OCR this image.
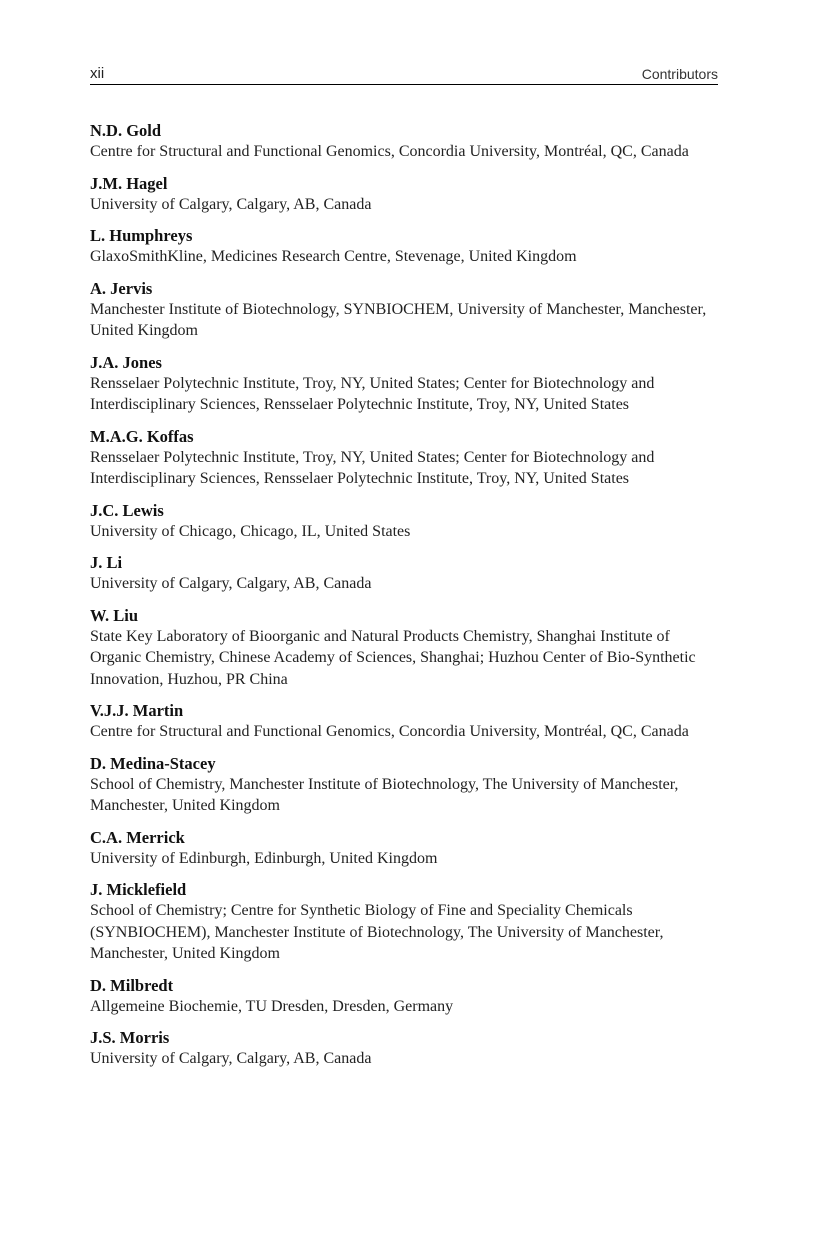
xii	Contributors
N.D. Gold
Centre for Structural and Functional Genomics, Concordia University, Montréal, QC, Canada
J.M. Hagel
University of Calgary, Calgary, AB, Canada
L. Humphreys
GlaxoSmithKline, Medicines Research Centre, Stevenage, United Kingdom
A. Jervis
Manchester Institute of Biotechnology, SYNBIOCHEM, University of Manchester, Manchester, United Kingdom
J.A. Jones
Rensselaer Polytechnic Institute, Troy, NY, United States; Center for Biotechnology and Interdisciplinary Sciences, Rensselaer Polytechnic Institute, Troy, NY, United States
M.A.G. Koffas
Rensselaer Polytechnic Institute, Troy, NY, United States; Center for Biotechnology and Interdisciplinary Sciences, Rensselaer Polytechnic Institute, Troy, NY, United States
J.C. Lewis
University of Chicago, Chicago, IL, United States
J. Li
University of Calgary, Calgary, AB, Canada
W. Liu
State Key Laboratory of Bioorganic and Natural Products Chemistry, Shanghai Institute of Organic Chemistry, Chinese Academy of Sciences, Shanghai; Huzhou Center of Bio-Synthetic Innovation, Huzhou, PR China
V.J.J. Martin
Centre for Structural and Functional Genomics, Concordia University, Montréal, QC, Canada
D. Medina-Stacey
School of Chemistry, Manchester Institute of Biotechnology, The University of Manchester, Manchester, United Kingdom
C.A. Merrick
University of Edinburgh, Edinburgh, United Kingdom
J. Micklefield
School of Chemistry; Centre for Synthetic Biology of Fine and Speciality Chemicals (SYNBIOCHEM), Manchester Institute of Biotechnology, The University of Manchester, Manchester, United Kingdom
D. Milbredt
Allgemeine Biochemie, TU Dresden, Dresden, Germany
J.S. Morris
University of Calgary, Calgary, AB, Canada
